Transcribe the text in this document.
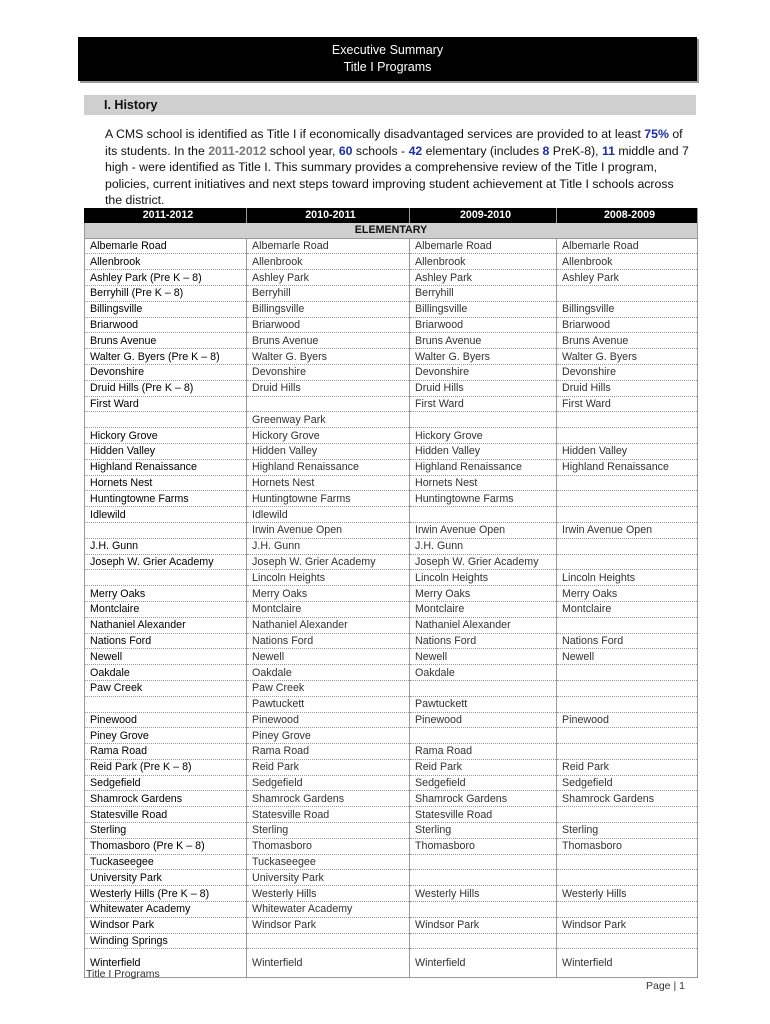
Executive Summary
Title I Programs
I. History
A CMS school is identified as Title I if economically disadvantaged services are provided to at least 75% of its students. In the 2011-2012 school year, 60 schools - 42 elementary (includes 8 PreK-8), 11 middle and 7 high - were identified as Title I. This summary provides a comprehensive review of the Title I program, policies, current initiatives and next steps toward improving student achievement at Title I schools across the district.
2011-2012	2010-2011	2009-2010	2008-2009
ELEMENTARY			
Albemarle Road	Albemarle Road	Albemarle Road	Albemarle Road
Allenbrook	Allenbrook	Allenbrook	Allenbrook
Ashley Park (Pre K – 8)	Ashley Park	Ashley Park	Ashley Park
Berryhill (Pre K – 8)	Berryhill	Berryhill	
Billingsville	Billingsville	Billingsville	Billingsville
Briarwood	Briarwood	Briarwood	Briarwood
Bruns Avenue	Bruns Avenue	Bruns Avenue	Bruns Avenue
Walter G. Byers (Pre K – 8)	Walter G. Byers	Walter G. Byers	Walter G. Byers
Devonshire	Devonshire	Devonshire	Devonshire
Druid Hills (Pre K – 8)	Druid Hills	Druid Hills	Druid Hills
First Ward		First Ward	First Ward
	Greenway Park		
Hickory Grove	Hickory Grove	Hickory Grove	
Hidden Valley	Hidden Valley	Hidden Valley	Hidden Valley
Highland Renaissance	Highland Renaissance	Highland Renaissance	Highland Renaissance
Hornets Nest	Hornets Nest	Hornets Nest	
Huntingtowne Farms	Huntingtowne Farms	Huntingtowne Farms	
Idlewild	Idlewild		
	Irwin Avenue Open	Irwin Avenue Open	Irwin Avenue Open
J.H. Gunn	J.H. Gunn	J.H. Gunn	
Joseph W. Grier Academy	Joseph W. Grier Academy	Joseph W. Grier Academy	
	Lincoln Heights	Lincoln Heights	Lincoln Heights
Merry Oaks	Merry Oaks	Merry Oaks	Merry Oaks
Montclaire	Montclaire	Montclaire	Montclaire
Nathaniel Alexander	Nathaniel Alexander	Nathaniel Alexander	
Nations Ford	Nations Ford	Nations Ford	Nations Ford
Newell	Newell	Newell	Newell
Oakdale	Oakdale	Oakdale	
Paw Creek	Paw Creek		
	Pawtuckett	Pawtuckett	
Pinewood	Pinewood	Pinewood	Pinewood
Piney Grove	Piney Grove		
Rama Road	Rama Road	Rama Road	
Reid Park (Pre K – 8)	Reid Park	Reid Park	Reid Park
Sedgefield	Sedgefield	Sedgefield	Sedgefield
Shamrock Gardens	Shamrock Gardens	Shamrock Gardens	Shamrock Gardens
Statesville Road	Statesville Road	Statesville Road	
Sterling	Sterling	Sterling	Sterling
Thomasboro (Pre K – 8)	Thomasboro	Thomasboro	Thomasboro
Tuckaseegee	Tuckaseegee		
University Park	University Park		
Westerly Hills (Pre K – 8)	Westerly Hills	Westerly Hills	Westerly Hills
Whitewater Academy	Whitewater Academy		
Windsor Park	Windsor Park	Windsor Park	Windsor Park
Winding Springs			
Winterfield	Winterfield	Winterfield	Winterfield
Title I Programs
Page | 1
